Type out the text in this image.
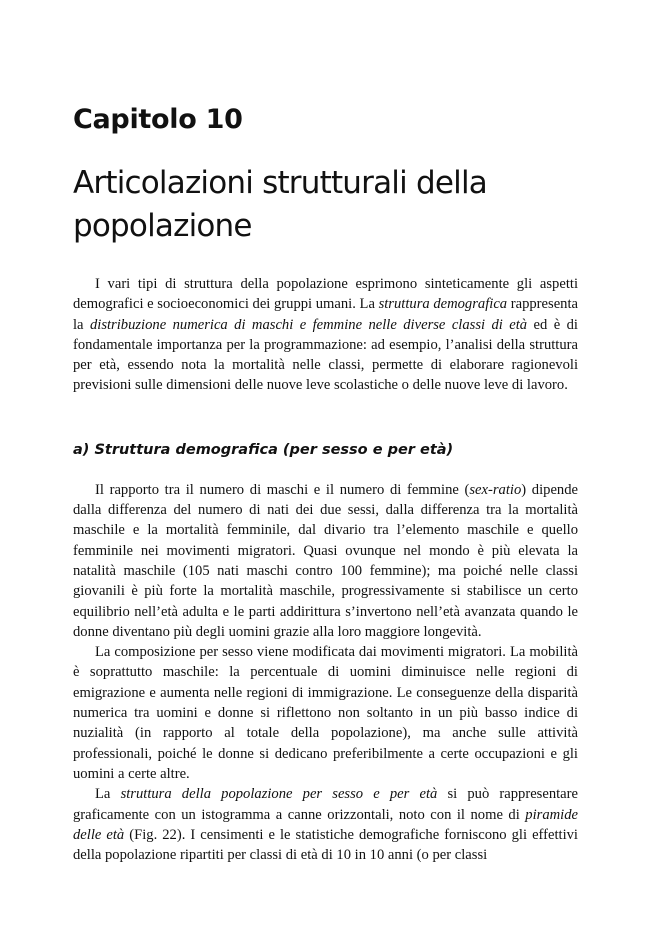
Capitolo 10
Articolazioni strutturali della popolazione

I vari tipi di struttura della popolazione esprimono sinteticamente gli aspetti demografici e socioeconomici dei gruppi umani. La struttura demografica rappresenta la distribuzione numerica di maschi e femmine nelle diverse classi di età ed è di fondamentale importanza per la programmazione: ad esempio, l’analisi della struttura per età, essendo nota la mortalità nelle classi, permette di elaborare ragionevoli previsioni sulle dimensioni delle nuove leve scolastiche o delle nuove leve di lavoro.

a) Struttura demografica (per sesso e per età)

Il rapporto tra il numero di maschi e il numero di femmine (sex-ratio) dipende dalla differenza del numero di nati dei due sessi, dalla differenza tra la mortalità maschile e la mortalità femminile, dal divario tra l’elemento maschile e quello femminile nei movimenti migratori. Quasi ovunque nel mondo è più elevata la natalità maschile (105 nati maschi contro 100 femmine); ma poiché nelle classi giovanili è più forte la mortalità maschile, progressivamente si stabilisce un certo equilibrio nell’età adulta e le parti addirittura s’invertono nell’età avanzata quando le donne diventano più degli uomini grazie alla loro maggiore longevità.

La composizione per sesso viene modificata dai movimenti migratori. La mobilità è soprattutto maschile: la percentuale di uomini diminuisce nelle regioni di emigrazione e aumenta nelle regioni di immigrazione. Le conseguenze della disparità numerica tra uomini e donne si riflettono non soltanto in un più basso indice di nuzialità (in rapporto al totale della popolazione), ma anche sulle attività professionali, poiché le donne si dedicano preferibilmente a certe occupazioni e gli uomini a certe altre.

La struttura della popolazione per sesso e per età si può rappresentare graficamente con un istogramma a canne orizzontali, noto con il nome di piramide delle età (Fig. 22). I censimenti e le statistiche demografiche forniscono gli effettivi della popolazione ripartiti per classi di età di 10 in 10 anni (o per classi
